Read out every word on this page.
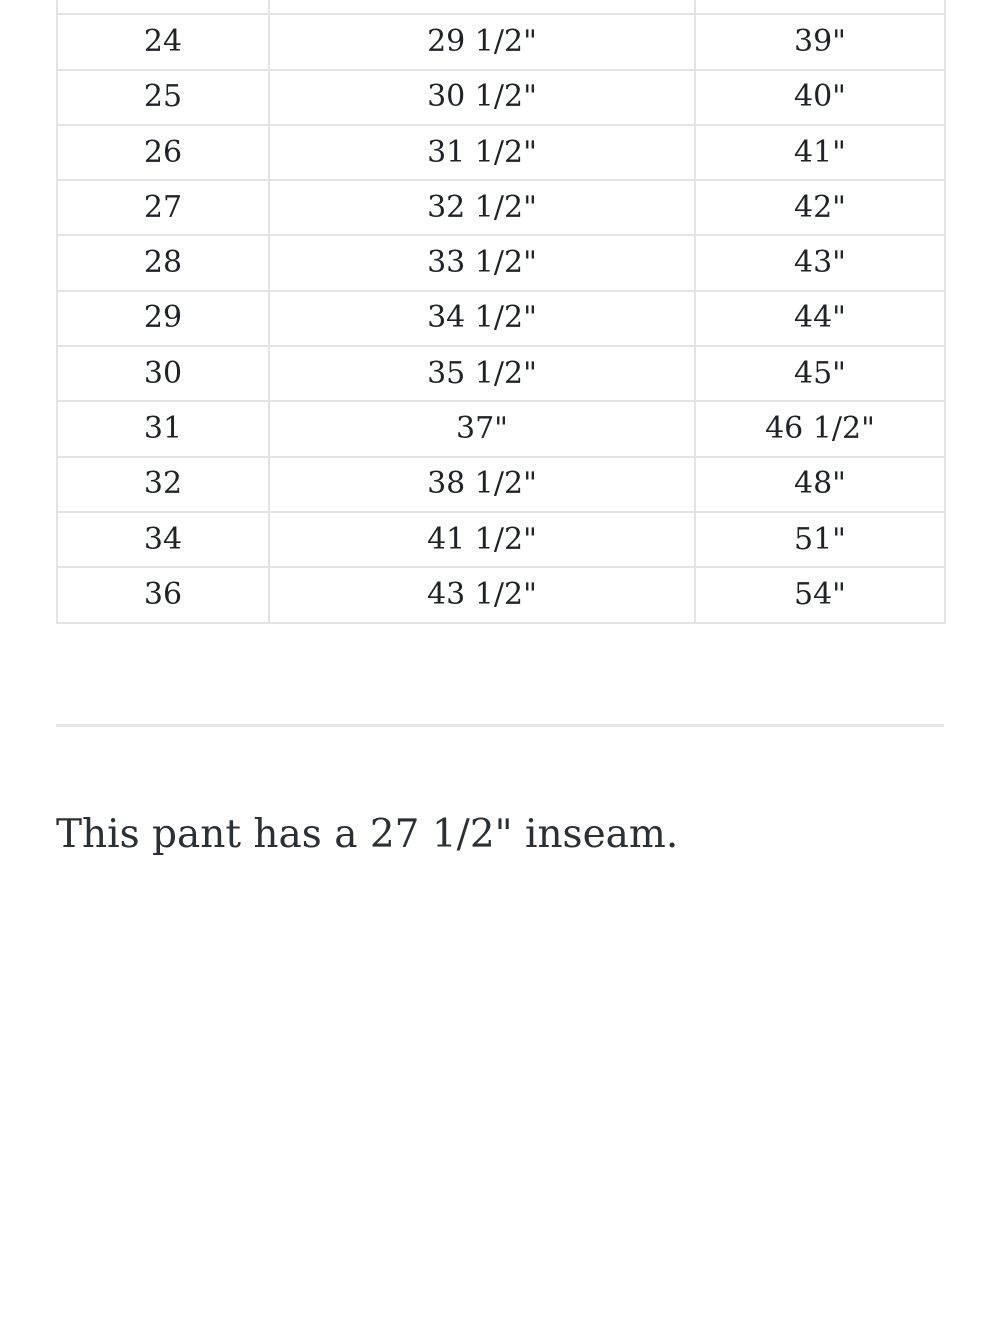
24	29 1/2"	39"
25	30 1/2"	40"
26	31 1/2"	41"
27	32 1/2"	42"
28	33 1/2"	43"
29	34 1/2"	44"
30	35 1/2"	45"
31	37"	46 1/2"
32	38 1/2"	48"
34	41 1/2"	51"
36	43 1/2"	54"

This pant has a 27 1/2" inseam.
